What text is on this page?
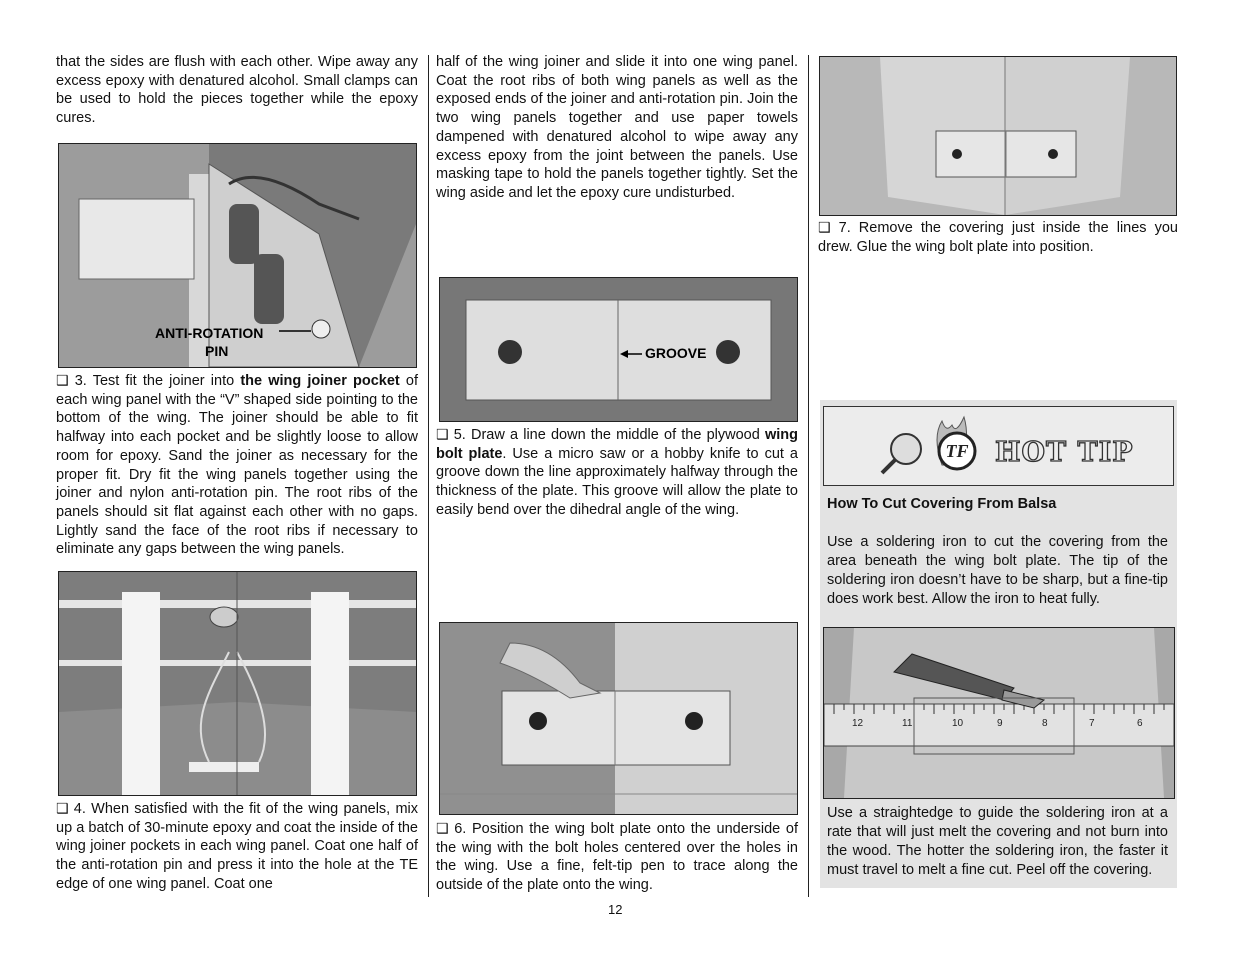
that the sides are flush with each other. Wipe away any excess epoxy with denatured alcohol. Small clamps can be used to hold the pieces together while the epoxy cures.

ANTI-ROTATION
PIN

❑ 3. Test fit the joiner into the wing joiner pocket of each wing panel with the “V” shaped side pointing to the bottom of the wing. The joiner should be able to fit halfway into each pocket and be slightly loose to allow room for epoxy. Sand the joiner as necessary for the proper fit. Dry fit the wing panels together using the joiner and nylon anti-rotation pin. The root ribs of the panels should sit flat against each other with no gaps. Lightly sand the face of the root ribs if necessary to eliminate any gaps between the wing panels.

❑ 4. When satisfied with the fit of the wing panels, mix up a batch of 30-minute epoxy and coat the inside of the wing joiner pockets in each wing panel. Coat one half of the anti-rotation pin and press it into the hole at the TE edge of one wing panel. Coat one

half of the wing joiner and slide it into one wing panel. Coat the root ribs of both wing panels as well as the exposed ends of the joiner and anti-rotation pin. Join the two wing panels together and use paper towels dampened with denatured alcohol to wipe away any excess epoxy from the joint between the panels. Use masking tape to hold the panels together tightly. Set the wing aside and let the epoxy cure undisturbed.

GROOVE

❑ 5. Draw a line down the middle of the plywood wing bolt plate. Use a micro saw or a hobby knife to cut a groove down the line approximately halfway through the thickness of the plate. This groove will allow the plate to easily bend over the dihedral angle of the wing.

❑ 6. Position the wing bolt plate onto the underside of the wing with the bolt holes centered over the holes in the wing. Use a fine, felt-tip pen to trace along the outside of the plate onto the wing.

❑ 7. Remove the covering just inside the lines you drew. Glue the wing bolt plate into position.

TF HOT TIP
How To Cut Covering From Balsa

Use a soldering iron to cut the covering from the area beneath the wing bolt plate. The tip of the soldering iron doesn’t have to be sharp, but a fine-tip does work best. Allow the iron to heat fully.

12	11	10	9	8	7	6

Use a straightedge to guide the soldering iron at a rate that will just melt the covering and not burn into the wood. The hotter the soldering iron, the faster it must travel to melt a fine cut. Peel off the covering.

12
